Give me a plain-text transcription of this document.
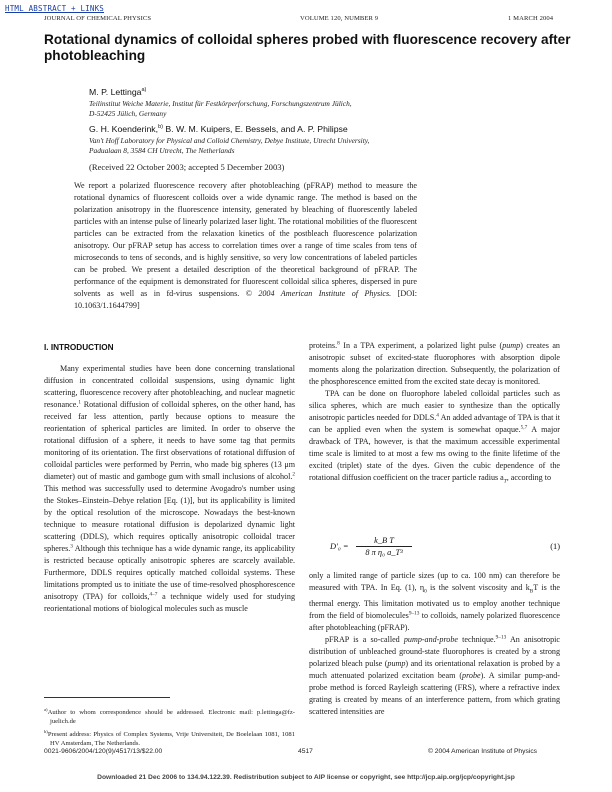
HTML ABSTRACT + LINKS
JOURNAL OF CHEMICAL PHYSICS	VOLUME 120, NUMBER 9	1 MARCH 2004
Rotational dynamics of colloidal spheres probed with fluorescence recovery after photobleaching
M. P. Lettinga$^{a)}$
Teilinstitut Weiche Materie, Institut für Festkörperforschung, Forschungszentrum Jülich,
D-52425 Jülich, Germany
G. H. Koenderink,$^{b)}$ B. W. M. Kuipers, E. Bessels, and A. P. Philipse
Van't Hoff Laboratory for Physical and Colloid Chemistry, Debye Institute, Utrecht University,
Padualaan 8, 3584 CH Utrecht, The Netherlands
(Received 22 October 2003; accepted 5 December 2003)
We report a polarized fluorescence recovery after photobleaching (pFRAP) method to measure the rotational dynamics of fluorescent colloids over a wide dynamic range. The method is based on the polarization anisotropy in the fluorescence intensity, generated by bleaching of fluorescently labeled particles with an intense pulse of linearly polarized laser light. The rotational mobilities of the fluorescent particles can be extracted from the relaxation kinetics of the postbleach fluorescence polarization anisotropy. Our pFRAP setup has access to correlation times over a range of time scales from tens of microseconds to tens of seconds, and is highly sensitive, so very low concentrations of labeled particles can be probed. We present a detailed description of the theoretical background of pFRAP. The performance of the equipment is demonstrated for fluorescent colloidal silica spheres, dispersed in pure solvents as well as in fd-virus suspensions. © 2004 American Institute of Physics. [DOI: 10.1063/1.1644799]
I. INTRODUCTION

Many experimental studies have been done concerning translational diffusion in concentrated colloidal suspensions, using dynamic light scattering, fluorescence recovery after photobleaching, and nuclear magnetic resonance.$^1$ Rotational diffusion of colloidal spheres, on the other hand, has received far less attention, partly because options to measure the reorientation of spherical particles are limited. In order to observe the rotational diffusion of a sphere, it needs to have some tag that permits monitoring of its orientation. The first observations of rotational diffusion of colloidal particles were performed by Perrin, who made big spheres (13 μm diameter) out of mastic and gamboge gum with small inclusions of alcohol.$^2$ This method was successfully used to determine Avogadro's number using the Stokes–Einstein–Debye relation [Eq. (1)], but its applicability is limited by the optical resolution of the microscope. Nowadays the best-known technique to measure rotational diffusion is depolarized dynamic light scattering (DDLS), which requires optically anisotropic colloidal tracer spheres.$^3$ Although this technique has a wide dynamic range, its applicability is restricted because optically anisotropic spheres are scarcely available. Furthermore, DDLS requires optically matched colloidal systems. These limitations prompted us to initiate the use of time-resolved phosphorescence anisotropy (TPA) for colloids,$^{4-7}$ a technique widely used for studying reorientational motions of biological molecules such as muscle

proteins.$^8$ In a TPA experiment, a polarized light pulse (pump) creates an anisotropic subset of excited-state fluorophores with absorption dipole moments along the polarization direction. Subsequently, the polarization of the phosphorescence emitted from the excited state decay is monitored.

TPA can be done on fluorophore labeled colloidal particles such as silica spheres, which are much easier to synthesize than the optically anisotropic particles needed for DDLS.$^4$ An added advantage of TPA is that it can be applied even when the system is somewhat opaque.$^{5,7}$ A major drawback of TPA, however, is that the maximum accessible experimental time scale is limited to at most a few ms owing to the finite lifetime of the excited (triplet) state of the dyes. Given the cubic dependence of the rotational diffusion coefficient on the tracer particle radius $a_T$, according to

$D'_0 = \frac{\text{k\_B T}}{\text{8 π η₀ a\_T³}}$	(1)

only a limited range of particle sizes (up to ca. 100 nm) can therefore be measured with TPA. In Eq. (1), $\eta_0$ is the solvent viscosity and $k_BT$ is the thermal energy. This limitation motivated us to employ another technique from the field of biomolecules$^{9-13}$ to colloids, namely polarized fluorescence after photobleaching (pFRAP).

pFRAP is a so-called pump-and-probe technique.$^{9-13}$ An anisotropic distribution of unbleached ground-state fluorophores is created by a strong polarized bleach pulse (pump) and its orientational relaxation is probed by a much attenuated polarized excitation beam (probe). A similar pump-and-probe method is forced Rayleigh scattering (FRS), where a refractive index grating is created by means of an interference pattern, from which grating scattered intensities are

$^{a)}$Author to whom correspondence should be addressed. Electronic mail: p.lettinga@fz-juelich.de

$^{b)}$Present address: Physics of Complex Systems, Vrije Universiteit, De Boelelaan 1081, 1081 HV Amsterdam, The Netherlands.

0021-9606/2004/120(9)/4517/13/$22.00	4517	© 2004 American Institute of Physics
Downloaded 21 Dec 2006 to 134.94.122.39. Redistribution subject to AIP license or copyright, see http://jcp.aip.org/jcp/copyright.jsp
